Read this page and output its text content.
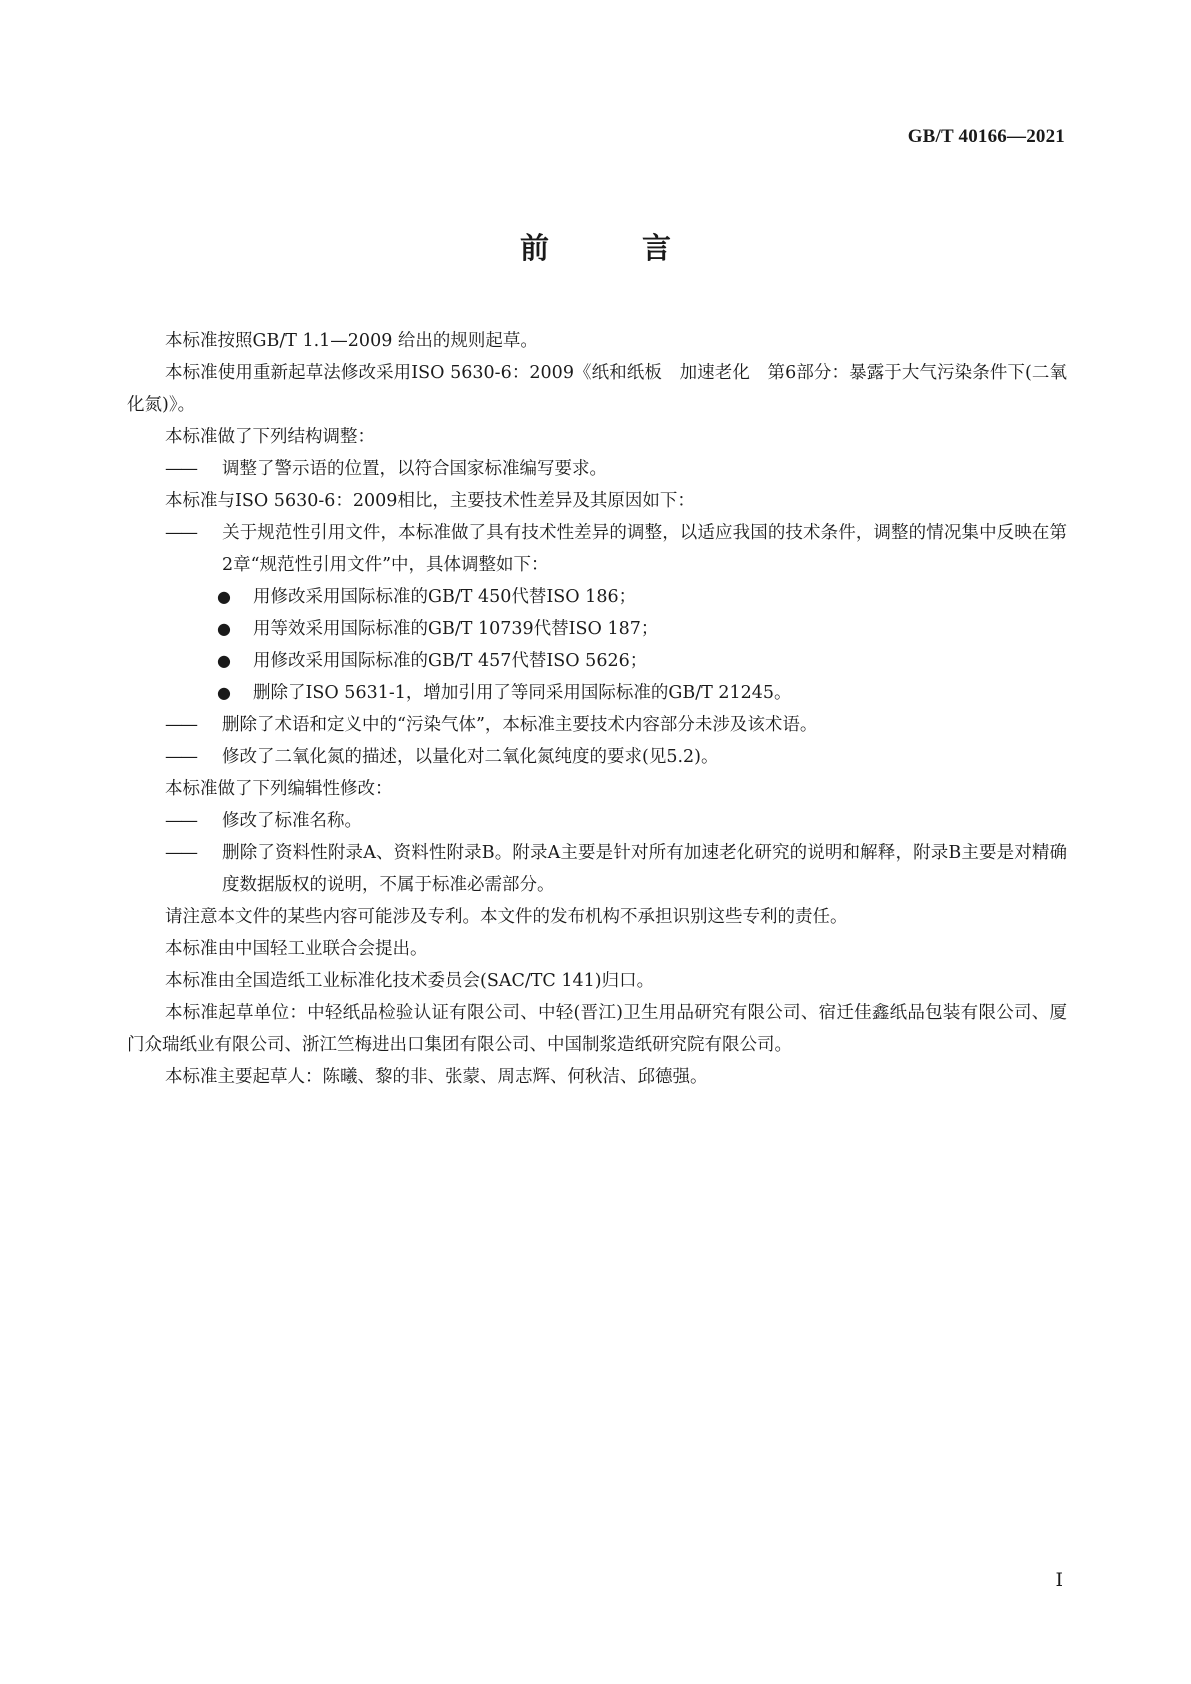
GB/T 40166—2021
前　言

本标准按照GB/T 1.1—2009 给出的规则起草。

本标准使用重新起草法修改采用ISO 5630-6：2009《纸和纸板　加速老化　第6部分：暴露于大气污染条件下(二氧化氮)》。

本标准做了下列结构调整：

—— 调整了警示语的位置，以符合国家标准编写要求。

本标准与ISO 5630-6：2009相比，主要技术性差异及其原因如下：

—— 关于规范性引用文件，本标准做了具有技术性差异的调整，以适应我国的技术条件，调整的情况集中反映在第2章“规范性引用文件”中，具体调整如下：

● 用修改采用国际标准的GB/T 450代替ISO 186；

● 用等效采用国际标准的GB/T 10739代替ISO 187；

● 用修改采用国际标准的GB/T 457代替ISO 5626；

● 删除了ISO 5631-1，增加引用了等同采用国际标准的GB/T 21245。

—— 删除了术语和定义中的“污染气体”，本标准主要技术内容部分未涉及该术语。

—— 修改了二氧化氮的描述，以量化对二氧化氮纯度的要求(见5.2)。

本标准做了下列编辑性修改：

—— 修改了标准名称。

—— 删除了资料性附录A、资料性附录B。附录A主要是针对所有加速老化研究的说明和解释，附录B主要是对精确度数据版权的说明，不属于标准必需部分。

请注意本文件的某些内容可能涉及专利。本文件的发布机构不承担识别这些专利的责任。

本标准由中国轻工业联合会提出。

本标准由全国造纸工业标准化技术委员会(SAC/TC 141)归口。

本标准起草单位：中轻纸品检验认证有限公司、中轻(晋江)卫生用品研究有限公司、宿迁佳鑫纸品包装有限公司、厦门众瑞纸业有限公司、浙江竺梅进出口集团有限公司、中国制浆造纸研究院有限公司。

本标准主要起草人：陈曦、黎的非、张蒙、周志辉、何秋洁、邱德强。

I
